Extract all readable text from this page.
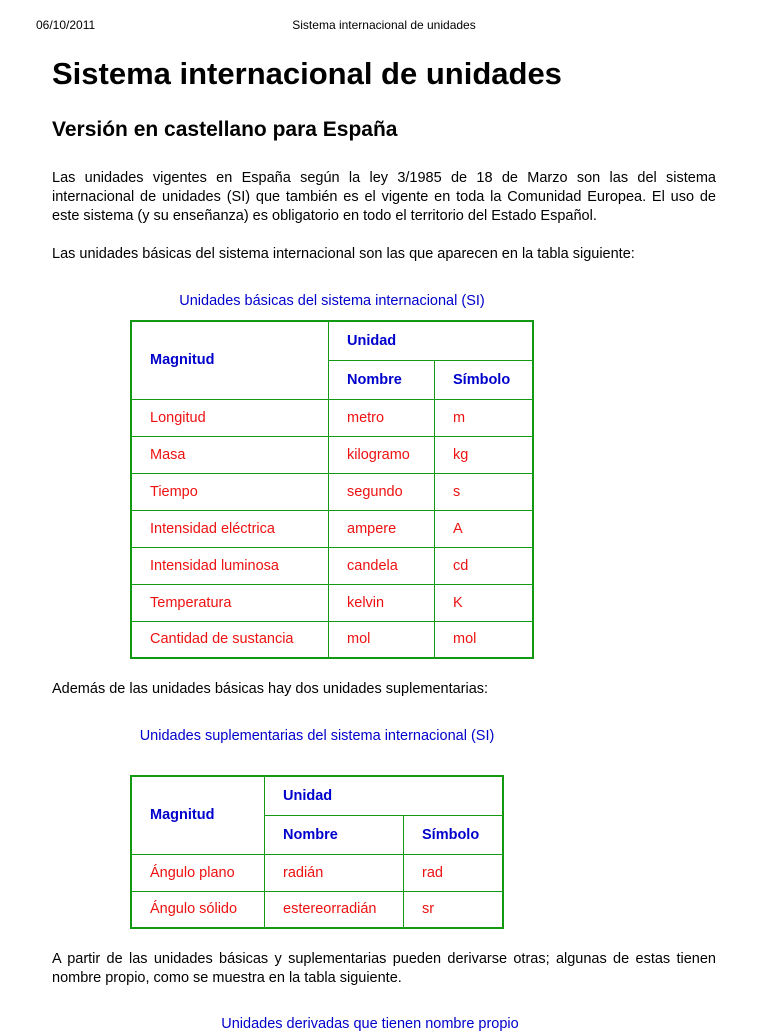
06/10/2011	Sistema internacional de unidades
Sistema internacional de unidades
Versión en castellano para España

Las unidades vigentes en España según la ley 3/1985 de 18 de Marzo son las del sistema internacional de unidades (SI) que también es el vigente en toda la Comunidad Europea. El uso de este sistema (y su enseñanza) es obligatorio en todo el territorio del Estado Español.

Las unidades básicas del sistema internacional son las que aparecen en la tabla siguiente:

Unidades básicas del sistema internacional (SI)
Magnitud	Unidad	
	Nombre	Símbolo
Longitud	metro	m
Masa	kilogramo	kg
Tiempo	segundo	s
Intensidad eléctrica	ampere	A
Intensidad luminosa	candela	cd
Temperatura	kelvin	K
Cantidad de sustancia	mol	mol

Además de las unidades básicas hay dos unidades suplementarias:

Unidades suplementarias del sistema internacional (SI)
Magnitud	Unidad	
	Nombre	Símbolo
Ángulo plano	radián	rad
Ángulo sólido	estereorradián	sr

A partir de las unidades básicas y suplementarias pueden derivarse otras; algunas de estas tienen nombre propio, como se muestra en la tabla siguiente.

Unidades derivadas que tienen nombre propio
